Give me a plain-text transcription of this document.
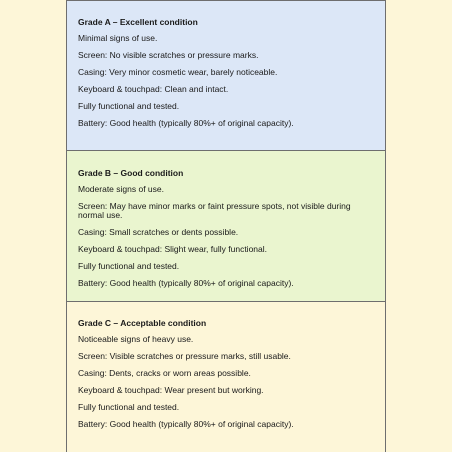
Grade A – Excellent condition
Minimal signs of use.
Screen: No visible scratches or pressure marks.
Casing: Very minor cosmetic wear, barely noticeable.
Keyboard & touchpad: Clean and intact.
Fully functional and tested.
Battery: Good health (typically 80%+ of original capacity).
Grade B – Good condition
Moderate signs of use.
Screen: May have minor marks or faint pressure spots, not visible during normal use.
Casing: Small scratches or dents possible.
Keyboard & touchpad: Slight wear, fully functional.
Fully functional and tested.
Battery: Good health (typically 80%+ of original capacity).
Grade C – Acceptable condition
Noticeable signs of heavy use.
Screen: Visible scratches or pressure marks, still usable.
Casing: Dents, cracks or worn areas possible.
Keyboard & touchpad: Wear present but working.
Fully functional and tested.
Battery: Good health (typically 80%+ of original capacity).
